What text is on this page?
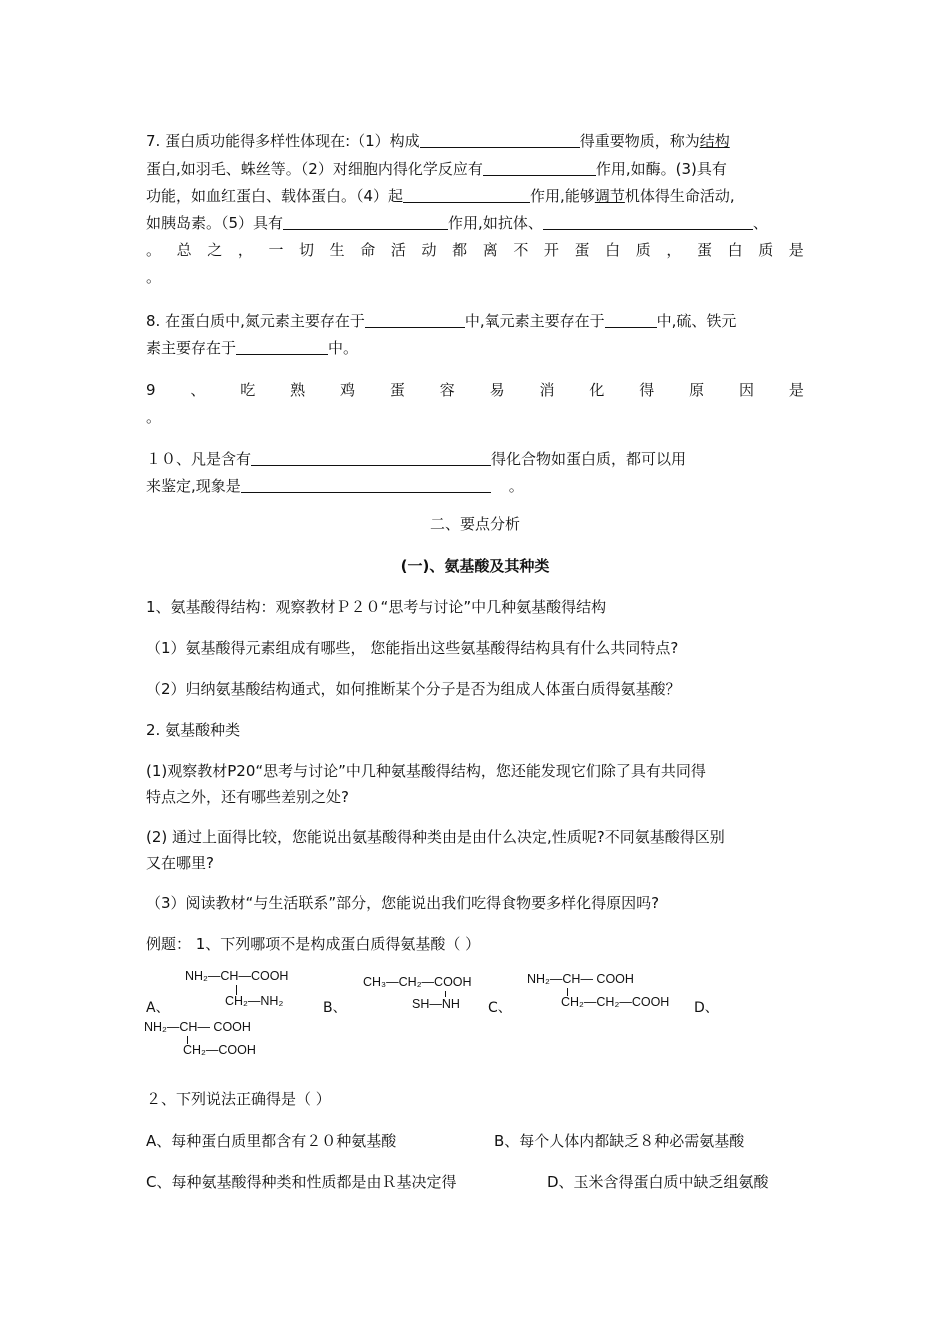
7. 蛋白质功能得多样性体现在:（1）构成	得重要物质，称为结构
蛋白,如羽毛、蛛丝等。（2）对细胞内得化学反应有	作用,如酶。(3)具有
功能，如血红蛋白、载体蛋白。（4）起	作用,能够调节机体得生命活动,
如胰岛素。（5）具有	作用,如抗体、	、
。 总 之 ， 一 切 生 命 活 动 都 离 不 开 蛋 白 质 ， 蛋 白 质 是
。
8. 在蛋白质中,氮元素主要存在于	中,氧元素主要存在于	中,硫、铁元
素主要存在于	中。
9 、 吃 熟 鸡 蛋 容 易 消 化 得 原 因 是
。
１０、凡是含有	得化合物如蛋白质，都可以用
来鉴定,现象是	。
二、要点分析
(一)、氨基酸及其种类
1、氨基酸得结构：观察教材Ｐ２０“思考与讨论”中几种氨基酸得结构
（1）氨基酸得元素组成有哪些， 您能指出这些氨基酸得结构具有什么共同特点?
（2）归纳氨基酸结构通式，如何推断某个分子是否为组成人体蛋白质得氨基酸？
2. 氨基酸种类
(1)观察教材P20“思考与讨论”中几种氨基酸得结构，您还能发现它们除了具有共同得
特点之外，还有哪些差别之处?
(2) 通过上面得比较，您能说出氨基酸得种类由是由什么决定,性质呢?不同氨基酸得区别
又在哪里?
（3）阅读教材“与生活联系”部分，您能说出我们吃得食物要多样化得原因吗?
例题： 1、下列哪项不是构成蛋白质得氨基酸（ ）
NH₂—CH—COOH
CH₂—NH₂
A、
CH₃—CH₂—COOH
SH—NH
B、
NH₂—CH— COOH
CH₂—CH₂—COOH
C、	D、
NH₂—CH— COOH
CH₂—COOH
２、下列说法正确得是（ ）
A、每种蛋白质里都含有２０种氨基酸	B、每个人体内都缺乏８种必需氨基酸
C、每种氨基酸得种类和性质都是由Ｒ基决定得	D、玉米含得蛋白质中缺乏组氨酸
